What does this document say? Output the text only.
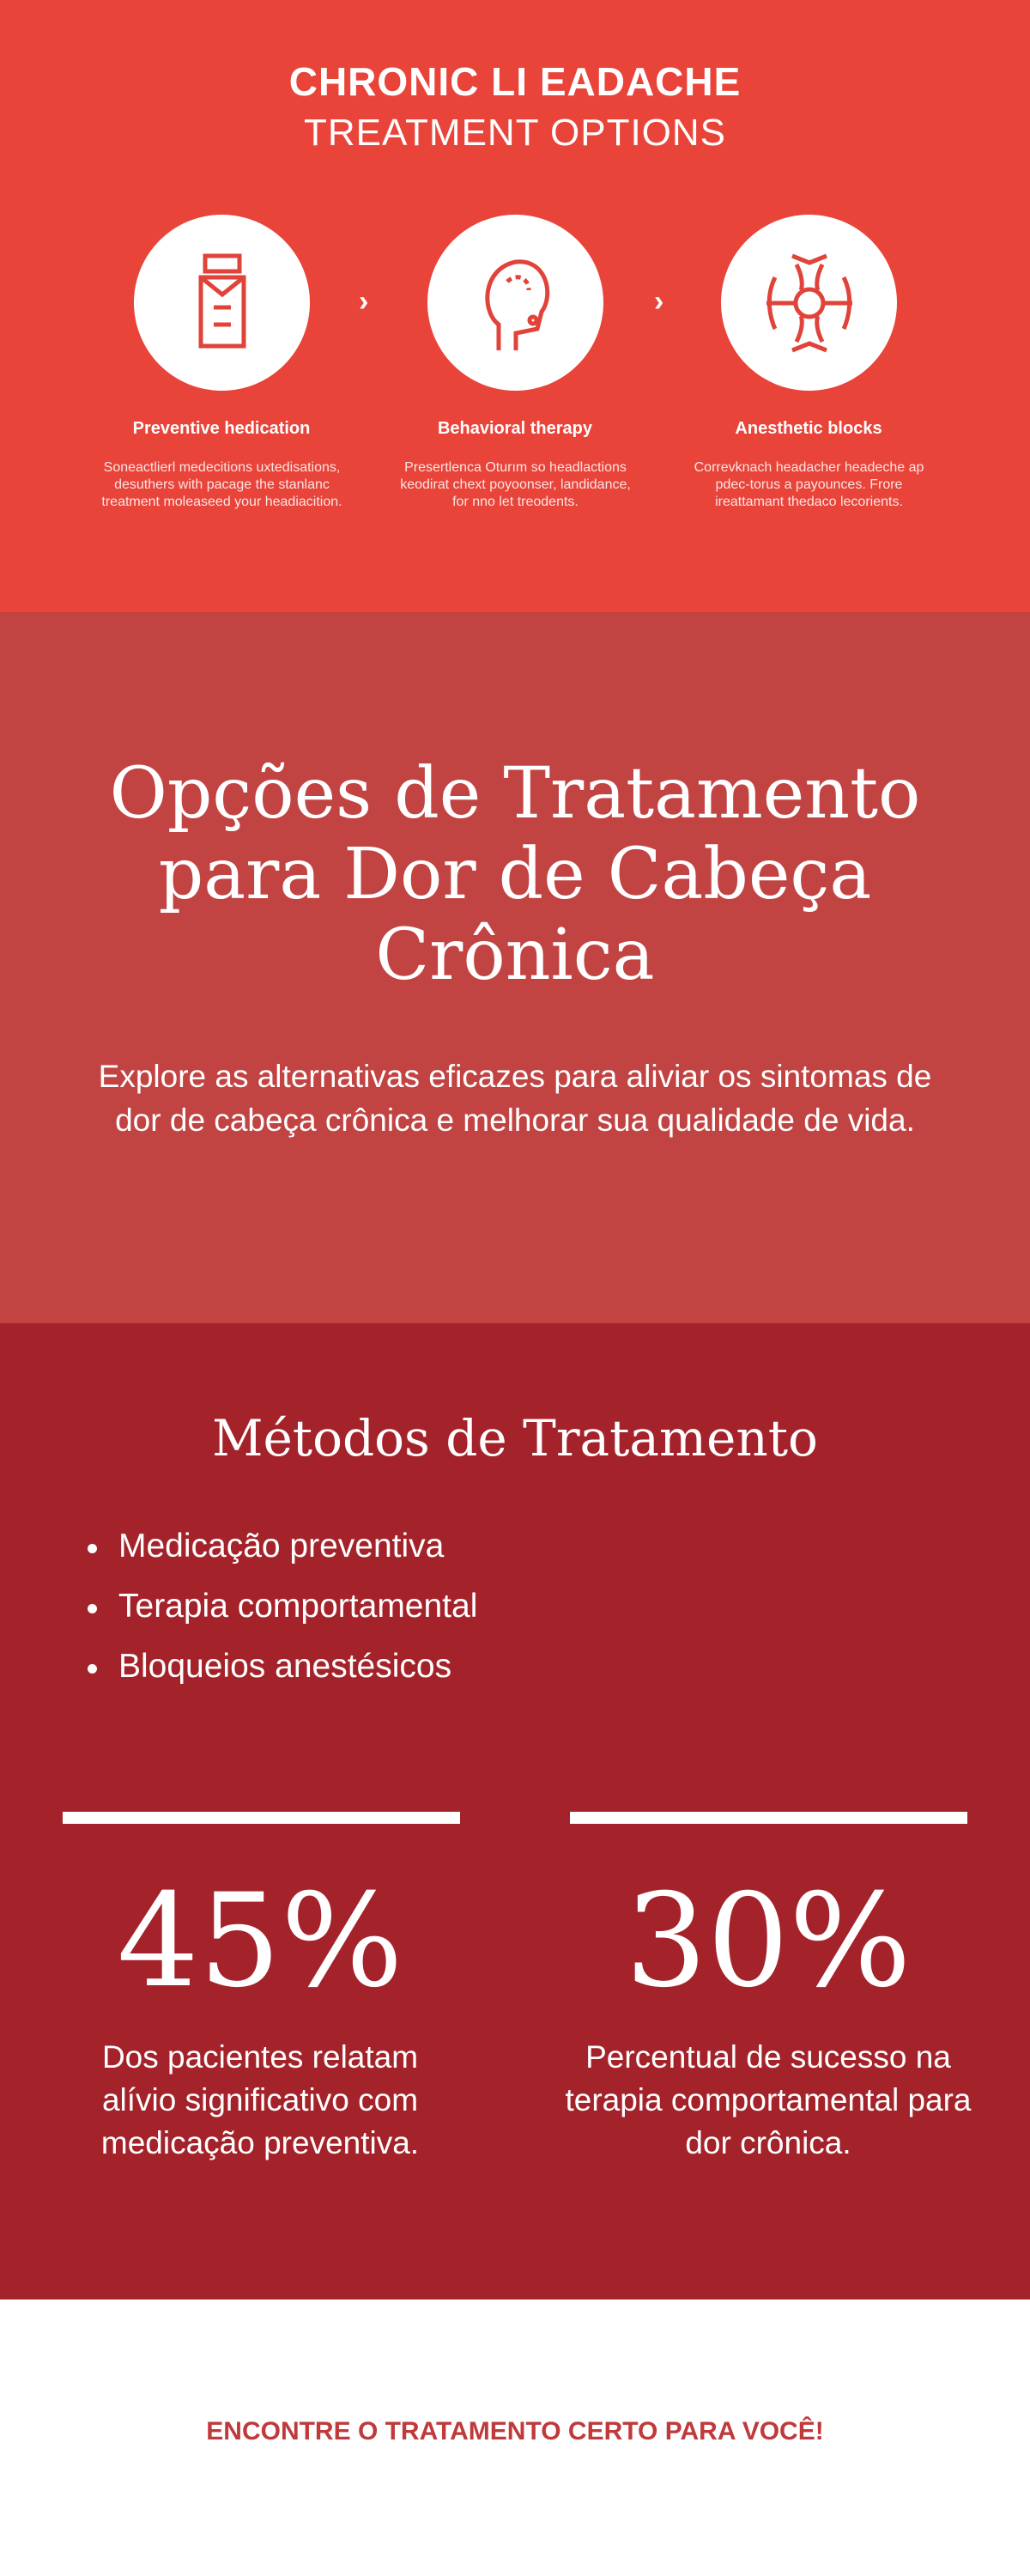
CHRONIC LI EADACHE
TREATMENT OPTIONS
›	›
Preventive hedication	Behavioral therapy	Anesthetic blocks
Soneactlierl medecitions uxtedisations, desuthers with pacage the stanlanc treatment moleaseed your headiacition.
Presertlenca Oturım so headlactions keodirat chext poyoonser, landidance, for nno let treodents.
Correvknach headacher headeche ap pdec-torus a payounces. Frore ireattamant thedaco lecorients.
Opções de Tratamento para Dor de Cabeça Crônica

Explore as alternativas eficazes para aliviar os sintomas de dor de cabeça crônica e melhorar sua qualidade de vida.

Métodos de Tratamento
Medicação preventiva
Terapia comportamental
Bloqueios anestésicos
45%	30%
Dos pacientes relatam alívio significativo com medicação preventiva.
Percentual de sucesso na terapia comportamental para dor crônica.
ENCONTRE O TRATAMENTO CERTO PARA VOCÊ!
